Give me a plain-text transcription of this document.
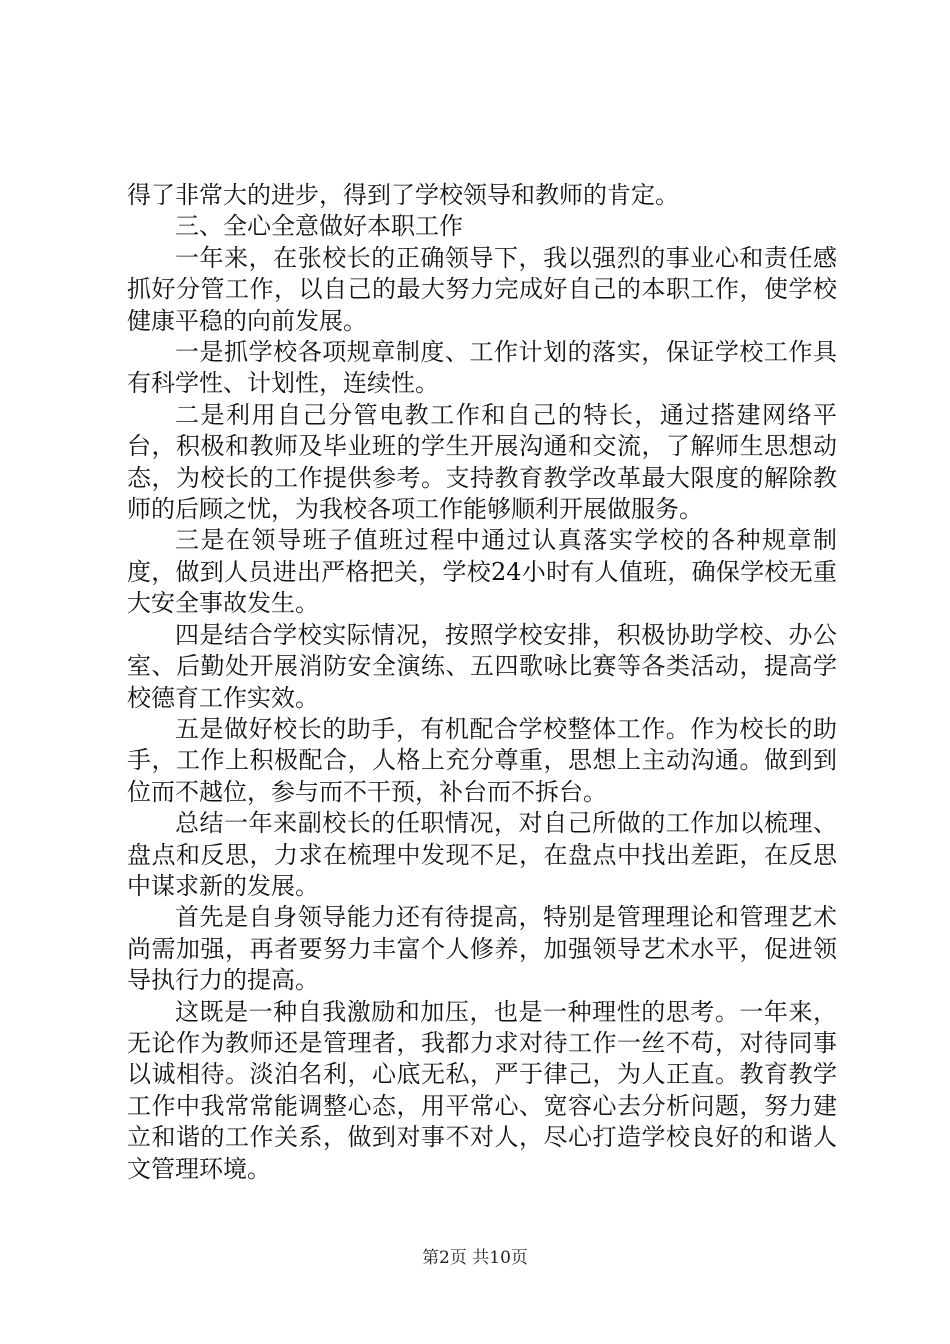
得了非常大的进步，得到了学校领导和教师的肯定。

三、全心全意做好本职工作

一年来，在张校长的正确领导下，我以强烈的事业心和责任感抓好分管工作，以自己的最大努力完成好自己的本职工作，使学校健康平稳的向前发展。

一是抓学校各项规章制度、工作计划的落实，保证学校工作具有科学性、计划性，连续性。

二是利用自己分管电教工作和自己的特长，通过搭建网络平台，积极和教师及毕业班的学生开展沟通和交流，了解师生思想动态，为校长的工作提供参考。支持教育教学改革最大限度的解除教师的后顾之忧，为我校各项工作能够顺利开展做服务。

三是在领导班子值班过程中通过认真落实学校的各种规章制度，做到人员进出严格把关，学校24小时有人值班，确保学校无重大安全事故发生。

四是结合学校实际情况，按照学校安排，积极协助学校、办公室、后勤处开展消防安全演练、五四歌咏比赛等各类活动，提高学校德育工作实效。

五是做好校长的助手，有机配合学校整体工作。作为校长的助手，工作上积极配合，人格上充分尊重，思想上主动沟通。做到到位而不越位，参与而不干预，补台而不拆台。

总结一年来副校长的任职情况，对自己所做的工作加以梳理、盘点和反思，力求在梳理中发现不足，在盘点中找出差距，在反思中谋求新的发展。

首先是自身领导能力还有待提高，特别是管理理论和管理艺术尚需加强，再者要努力丰富个人修养，加强领导艺术水平，促进领导执行力的提高。

这既是一种自我激励和加压，也是一种理性的思考。一年来，无论作为教师还是管理者，我都力求对待工作一丝不苟，对待同事以诚相待。淡泊名利，心底无私，严于律己，为人正直。教育教学工作中我常常能调整心态，用平常心、宽容心去分析问题，努力建立和谐的工作关系，做到对事不对人，尽心打造学校良好的和谐人文管理环境。

第2页 共10页
